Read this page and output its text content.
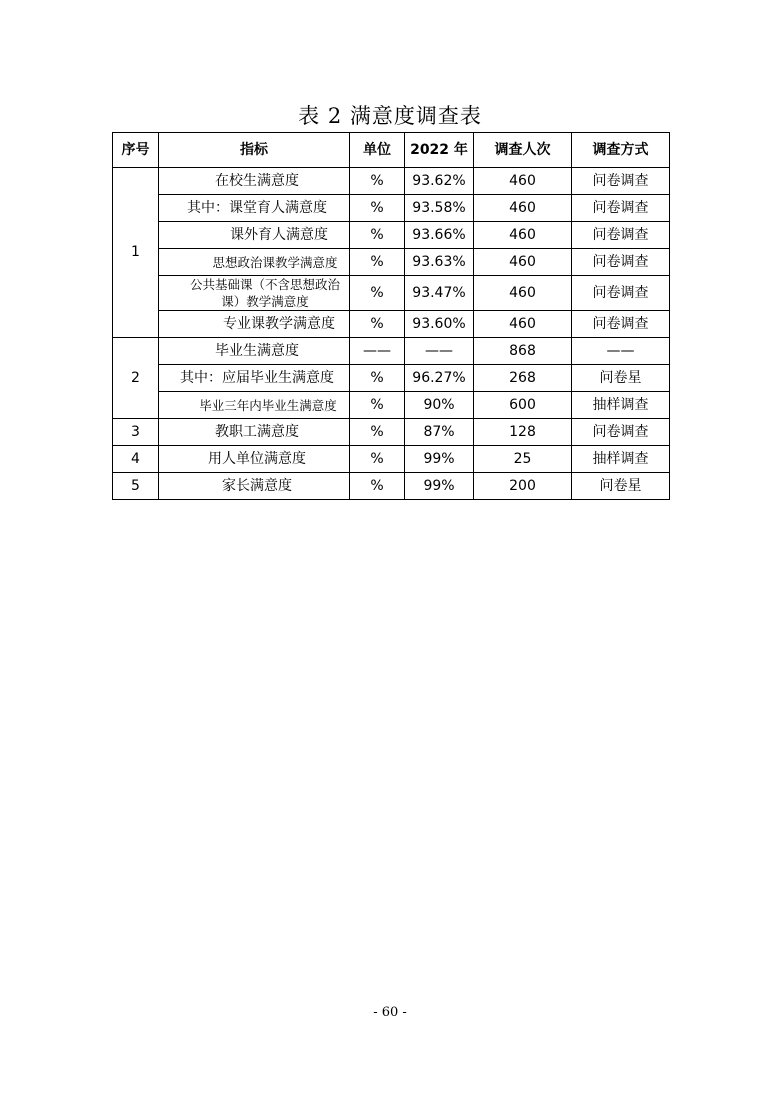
表 2 满意度调查表
序号	指标	单位	2022 年	调查人次	调查方式
1	在校生满意度	%	93.62%	460	问卷调查
	其中：课堂育人满意度	%	93.58%	460	问卷调查
	课外育人满意度	%	93.66%	460	问卷调查
	思想政治课教学满意度	%	93.63%	460	问卷调查
	公共基础课（不含思想政治课）教学满意度	%	93.47%	460	问卷调查
	专业课教学满意度	%	93.60%	460	问卷调查
2	毕业生满意度	——	——	868	——
	其中：应届毕业生满意度	%	96.27%	268	问卷星
	毕业三年内毕业生满意度	%	90%	600	抽样调查
3	教职工满意度	%	87%	128	问卷调查
4	用人单位满意度	%	99%	25	抽样调查
5	家长满意度	%	99%	200	问卷星
- 60 -
